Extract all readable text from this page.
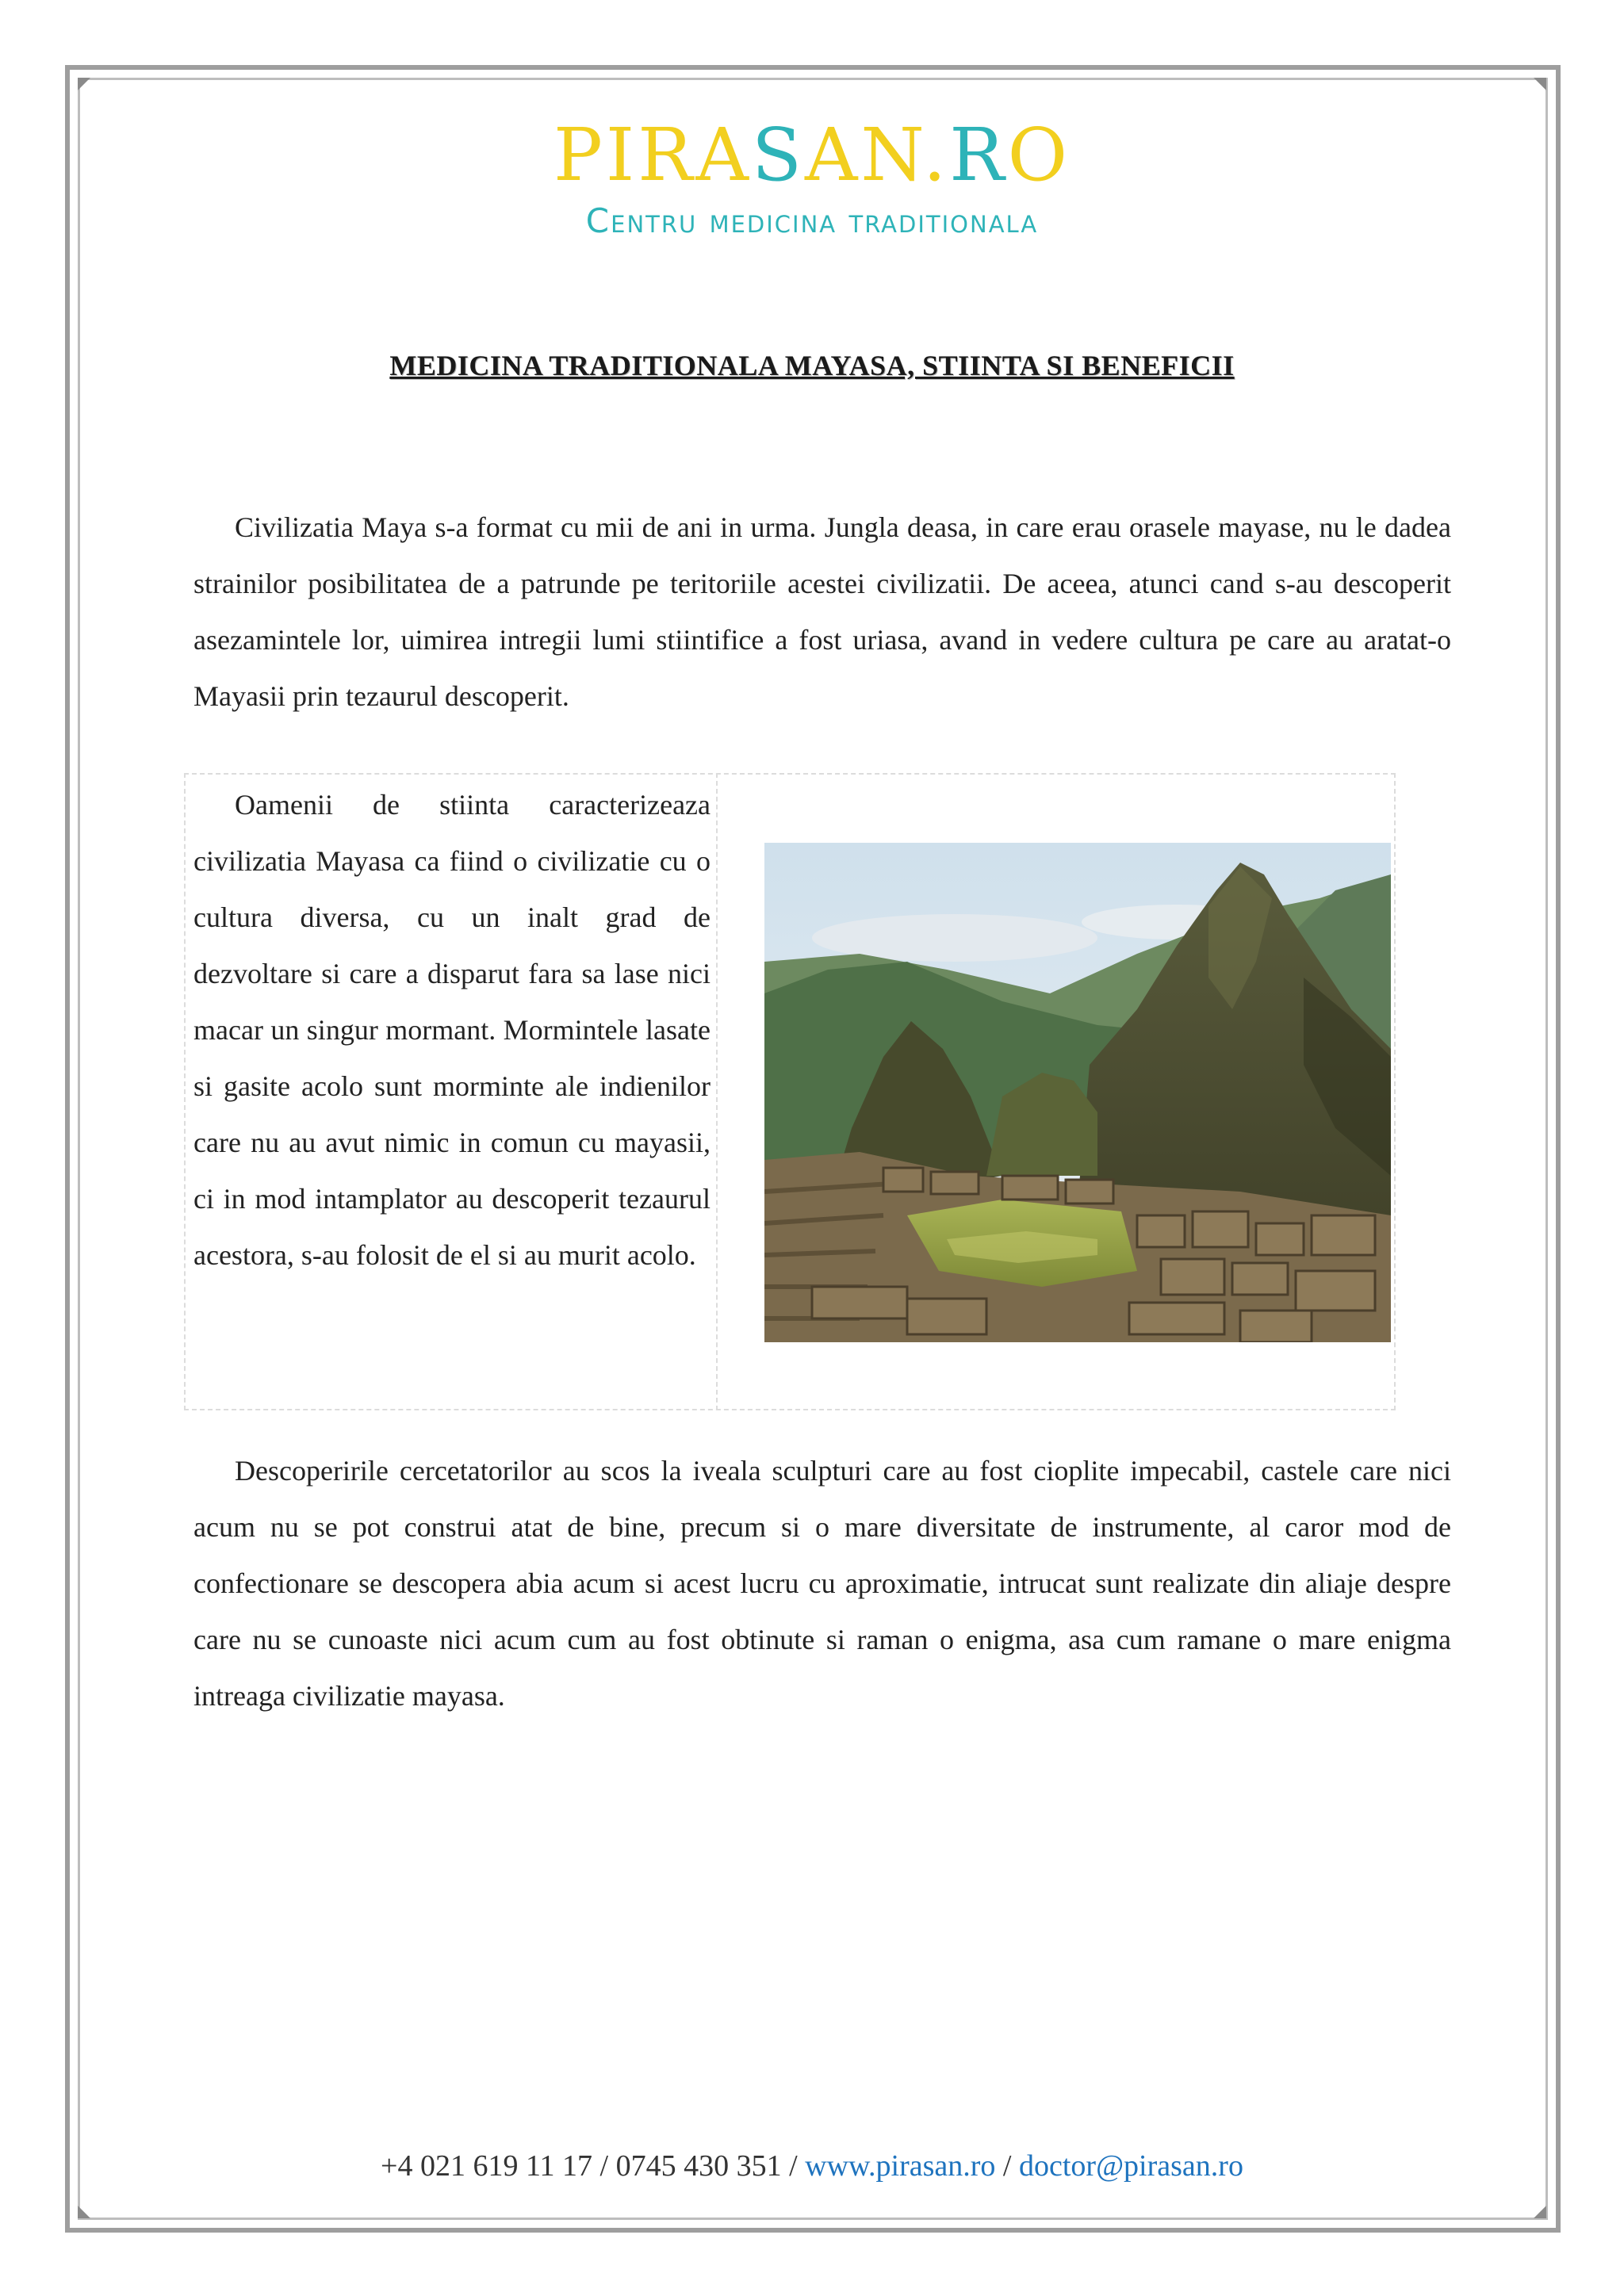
PIRASAN.RO
Centru medicina traditionala
MEDICINA TRADITIONALA MAYASA, STIINTA SI BENEFICII

Civilizatia Maya s-a format cu mii de ani in urma. Jungla deasa, in care erau orasele mayase, nu le dadea strainilor posibilitatea de a patrunde pe teritoriile acestei civilizatii. De aceea, atunci cand s-au descoperit asezamintele lor, uimirea intregii lumi stiintifice a fost uriasa, avand in vedere cultura pe care au aratat-o Mayasii prin tezaurul descoperit.

Oamenii de stiinta caracterizeaza civilizatia Mayasa ca fiind o civilizatie cu o cultura diversa, cu un inalt grad de dezvoltare si care a disparut fara sa lase nici macar un singur mormant. Mormintele lasate si gasite acolo sunt morminte ale indienilor care nu au avut nimic in comun cu mayasii, ci in mod intamplator au descoperit tezaurul acestora, s-au folosit de el si au murit acolo.

Descoperirile cercetatorilor au scos la iveala sculpturi care au fost cioplite impecabil, castele care nici acum nu se pot construi atat de bine, precum si o mare diversitate de instrumente, al caror mod de confectionare se descopera abia acum si acest lucru cu aproximatie, intrucat sunt realizate din aliaje despre care nu se cunoaste nici acum cum au fost obtinute si raman o enigma, asa cum ramane o mare enigma intreaga civilizatie mayasa.

+4 021 619 11 17 / 0745 430 351 / www.pirasan.ro / doctor@pirasan.ro
